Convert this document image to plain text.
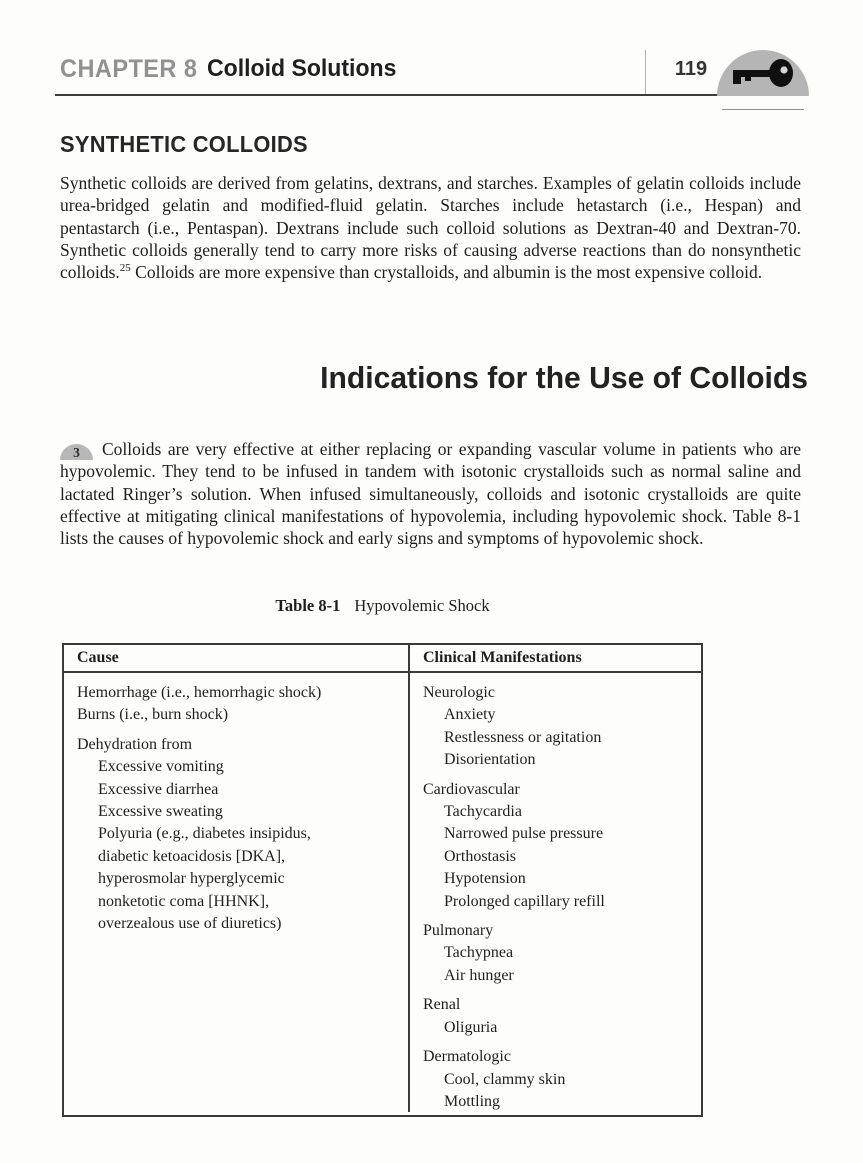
CHAPTER 8 Colloid Solutions	119
SYNTHETIC COLLOIDS

Synthetic colloids are derived from gelatins, dextrans, and starches. Examples of gelatin colloids include urea-bridged gelatin and modified-fluid gelatin. Starches include hetastarch (i.e., Hespan) and pentastarch (i.e., Pentaspan). Dextrans include such colloid solutions as Dextran-40 and Dextran-70. Synthetic colloids generally tend to carry more risks of causing adverse reactions than do nonsynthetic colloids.$^{25}$ Colloids are more expensive than crystalloids, and albumin is the most expensive colloid.

Indications for the Use of Colloids

3 Colloids are very effective at either replacing or expanding vascular volume in patients who are hypovolemic. They tend to be infused in tandem with isotonic crystalloids such as normal saline and lactated Ringer’s solution. When infused simultaneously, colloids and isotonic crystalloids are quite effective at mitigating clinical manifestations of hypovolemia, including hypovolemic shock. Table 8-1 lists the causes of hypovolemic shock and early signs and symptoms of hypovolemic shock.

Table 8-1 Hypovolemic Shock
Cause	Clinical Manifestations
Hemorrhage (i.e., hemorrhagic shock)
Burns (i.e., burn shock)
Dehydration from
Excessive vomiting
Excessive diarrhea
Excessive sweating
Polyuria (e.g., diabetes insipidus,
diabetic ketoacidosis [DKA],
hyperosmolar hyperglycemic
nonketotic coma [HHNK],
overzealous use of diuretics)
Neurologic
Anxiety
Restlessness or agitation
Disorientation
Cardiovascular
Tachycardia
Narrowed pulse pressure
Orthostasis
Hypotension
Prolonged capillary refill
Pulmonary
Tachypnea
Air hunger
Renal
Oliguria
Dermatologic
Cool, clammy skin
Mottling
